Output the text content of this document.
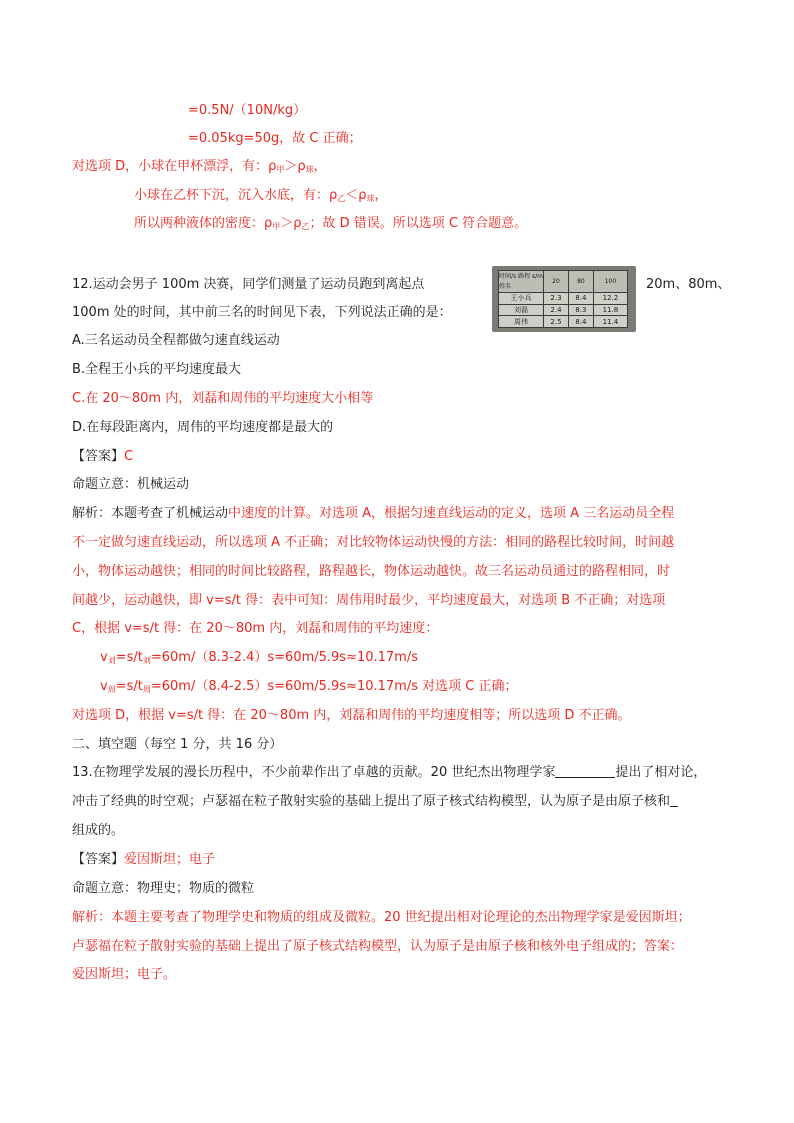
=0.5N/（10N/kg）
=0.05kg=50g，故 C 正确；
对选项 D，小球在甲杯漂浮，有：$\rho_甲>\rho_球$，
小球在乙杯下沉，沉入水底，有：$\rho_乙<\rho_球$，
所以两种液体的密度：$\rho_甲>\rho_乙$；故 D 错误。所以选项 C 符合题意。
12.运动会男子 100m 决赛，同学们测量了运动员跑到离起点	20m、80m、
时间/s 路程 s/m
姓名	20	80	100
王小兵	2.3	8.4	12.2
刘磊	2.4	8.3	11.8
周伟	2.5	8.4	11.4
100m 处的时间，其中前三名的时间见下表，下列说法正确的是：
A.三名运动员全程都做匀速直线运动
B.全程王小兵的平均速度最大
C.在 20～80m 内，刘磊和周伟的平均速度大小相等
D.在每段距离内，周伟的平均速度都是最大的
【答案】C
命题立意：机械运动
解析：本题考查了机械运动中速度的计算。对选项 A，根据匀速直线运动的定义，选项 A 三名运动员全程
不一定做匀速直线运动，所以选项 A 不正确；对比较物体运动快慢的方法：相同的路程比较时间，时间越
小，物体运动越快；相同的时间比较路程，路程越长，物体运动越快。故三名运动员通过的路程相同，时
间越少，运动越快，即 v=s/t 得：表中可知：周伟用时最少，平均速度最大，对选项 B 不正确；对选项
C，根据 v=s/t 得：在 20～80m 内，刘磊和周伟的平均速度：
$v_刘=s/t_刘=60m/(8.3-2.4)s=60m/5.9s\approx 10.17m/s$
$v_周=s/t_周=60m/(8.4-2.5)s=60m/5.9s\approx 10.17m/s$ 对选项 C 正确；
对选项 D，根据 v=s/t 得：在 20～80m 内，刘磊和周伟的平均速度相等；所以选项 D 不正确。
二、填空题（每空 1 分，共 16 分）
13.在物理学发展的漫长历程中，不少前辈作出了卓越的贡献。20 世纪杰出物理学家	提出了相对论，
冲击了经典的时空观；卢瑟福在粒子散射实验的基础上提出了原子核式结构模型，认为原子是由原子核和
组成的。
【答案】爱因斯坦；电子
命题立意：物理史；物质的微粒
解析：本题主要考查了物理学史和物质的组成及微粒。20 世纪提出相对论理论的杰出物理学家是爱因斯坦；
卢瑟福在粒子散射实验的基础上提出了原子核式结构模型，认为原子是由原子核和核外电子组成的；答案：
爱因斯坦；电子。
